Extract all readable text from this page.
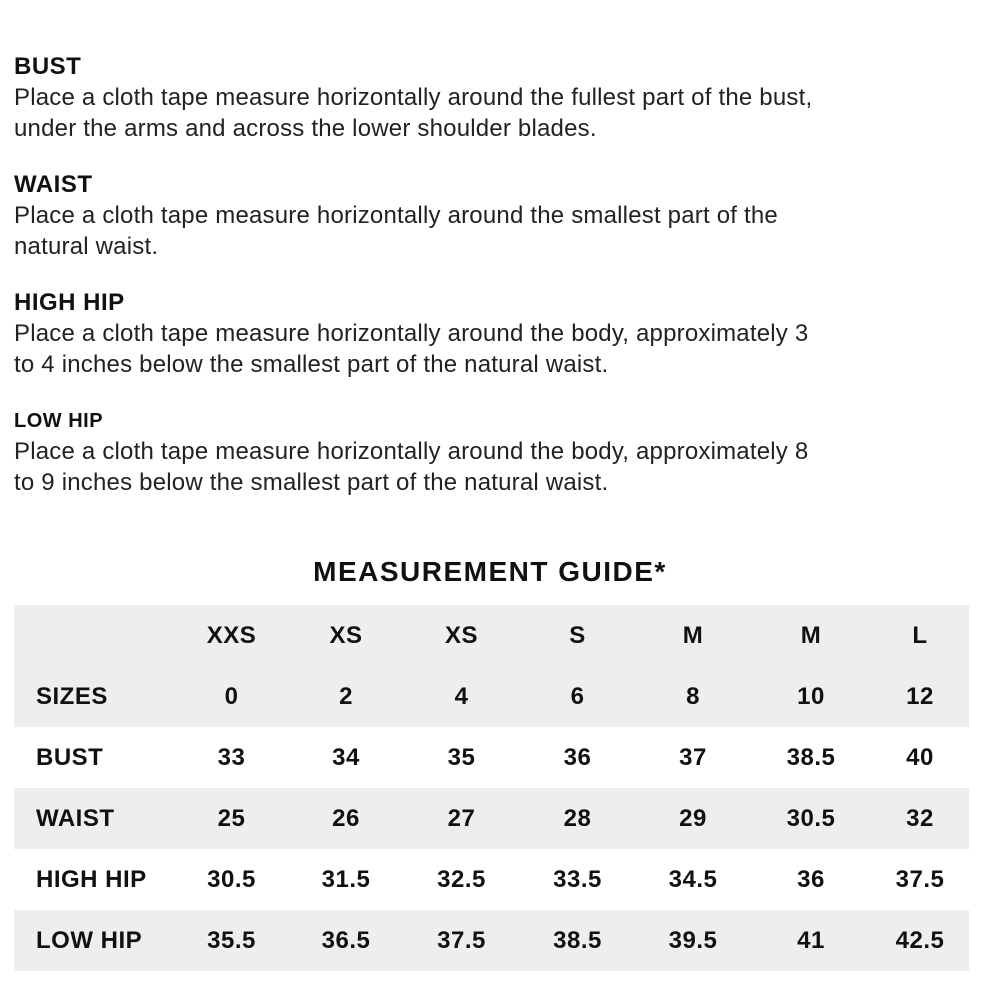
BUST
Place a cloth tape measure horizontally around the fullest part of the bust,
under the arms and across the lower shoulder blades.
WAIST
Place a cloth tape measure horizontally around the smallest part of the
natural waist.
HIGH HIP
Place a cloth tape measure horizontally around the body, approximately 3
to 4 inches below the smallest part of the natural waist.
LOW HIP
Place a cloth tape measure horizontally around the body, approximately 8
to 9 inches below the smallest part of the natural waist.
MEASUREMENT GUIDE*
	XXS	XS	XS	S	M	M	L
SIZES	0	2	4	6	8	10	12
BUST	33	34	35	36	37	38.5	40
WAIST	25	26	27	28	29	30.5	32
HIGH HIP	30.5	31.5	32.5	33.5	34.5	36	37.5
LOW HIP	35.5	36.5	37.5	38.5	39.5	41	42.5
